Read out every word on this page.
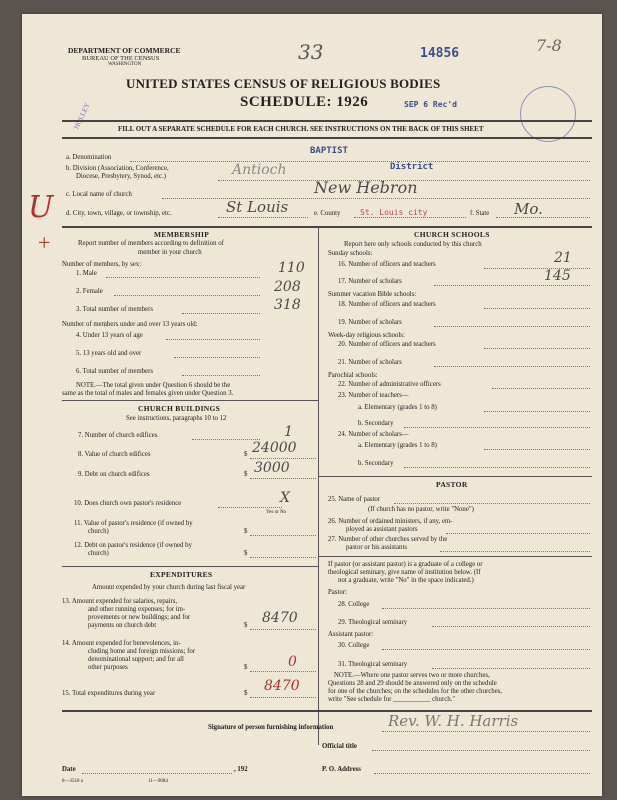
DEPARTMENT OF COMMERCE
BUREAU OF THE CENSUS
WASHINGTON
33	14856	7-8
HOLLEY
UNITED STATES CENSUS OF RELIGIOUS BODIES
SCHEDULE: 1926	SEP 6 Rec'd
FILL OUT A SEPARATE SCHEDULE FOR EACH CHURCH. SEE INSTRUCTIONS ON THE BACK OF THIS SHEET
a. Denomination
BAPTIST
b. Division (Association, Conference,
Diocese, Presbytery, Synod, etc.)	Antioch	District
c. Local name of church	New Hebron
d. City, town, village, or township, etc.	St Louis	e. County St. Louis city	f. State Mo.
U
+	MEMBERSHIP
Report number of members according to definition of
member in your church
Number of members, by sex:
1. Male	110
2. Female	208
3. Total number of members	318
Number of members under and over 13 years old:
4. Under 13 years of age
5. 13 years old and over
6. Total number of members
NOTE.—The total given under Question 6 should be the
same as the total of males and females given under Question 3.
CHURCH BUILDINGS
See instructions, paragraphs 10 to 12
7. Number of church edifices	1
8. Value of church edifices	$ 24000
9. Debt on church edifices	$ 3000
10. Does church own pastor's residence	X
Yes or No
11. Value of pastor's residence (if owned by
church)	$
12. Debt on pastor's residence (if owned by
church)	$
EXPENDITURES
Amount expended by your church during last fiscal year
13. Amount expended for salaries, repairs,
and other running expenses; for im-
provements or new buildings; and for
payments on church debt	$ 8470
14. Amount expended for benevolences, in-
cluding home and foreign missions; for
denominational support; and for all
other purposes	$	0
15. Total expenditures during year	$ 8470
CHURCH SCHOOLS
Report here only schools conducted by this church
Sunday schools:
16. Number of officers and teachers	21
17. Number of scholars	145
Summer vacation Bible schools:
18. Number of officers and teachers
19. Number of scholars
Week-day religious schools:
20. Number of officers and teachers
21. Number of scholars
Parochial schools:
22. Number of administrative officers
23. Number of teachers—
a. Elementary (grades 1 to 8)
b. Secondary
24. Number of scholars—
a. Elementary (grades 1 to 8)
b. Secondary
PASTOR
25. Name of pastor
(If church has no pastor, write "None")
26. Number of ordained ministers, if any, em-
ployed as assistant pastors
27. Number of other churches served by the
pastor or his assistants
If pastor (or assistant pastor) is a graduate of a college or
theological seminary, give name of institution below. (If
not a graduate, write "No" in the space indicated.)
Pastor:
28. College
29. Theological seminary
Assistant pastor:
30. College
31. Theological seminary
NOTE.—Where one pastor serves two or more churches,
Questions 28 and 29 should be answered only on the schedule
for one of the churches; on the schedules for the other churches,
write "See schedule for ___________ church."
Signature of person furnishing information	Rev. W. H. Harris
Official title
Date	, 192	P. O. Address
8—3518 a	11—9084
